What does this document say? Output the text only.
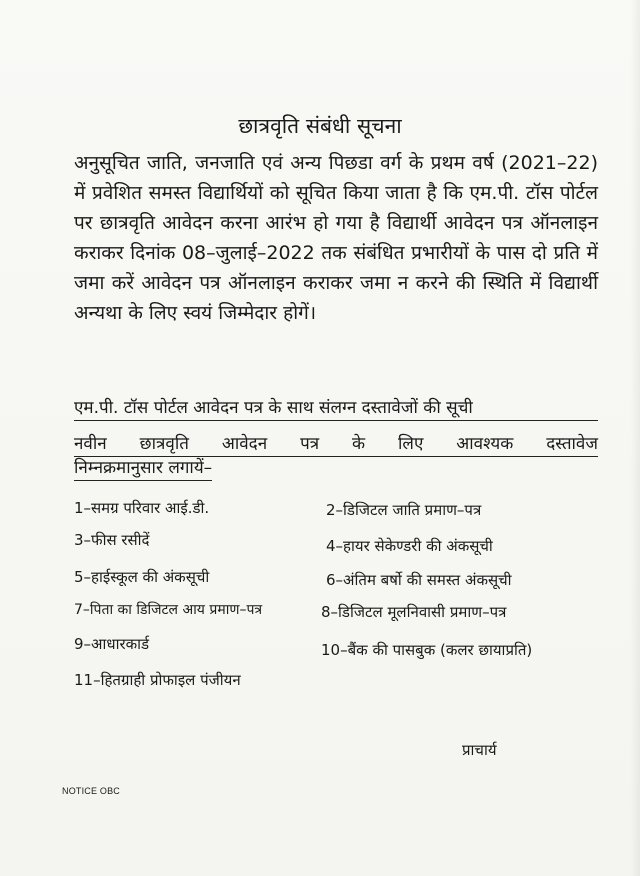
छात्रवृति संबंधी सूचना
अनुसूचित जाति, जनजाति एवं अन्य पिछडा वर्ग के प्रथम वर्ष (2021–22) में प्रवेशित समस्त विद्यार्थियों को सूचित किया जाता है कि एम.पी. टॉस पोर्टल पर छात्रवृति आवेदन करना आरंभ हो गया है विद्यार्थी आवेदन पत्र ऑनलाइन कराकर दिनांक 08–जुलाई–2022 तक संबंधित प्रभारीयों के पास दो प्रति में जमा करें आवेदन पत्र ऑनलाइन कराकर जमा न करने की स्थिति में विद्यार्थी अन्यथा के लिए स्वयं जिम्मेदार होगें।
एम.पी. टॉस पोर्टल आवेदन पत्र के साथ संलग्न दस्तावेजों की सूची
नवीन छात्रवृति आवेदन पत्र के लिए आवश्यक दस्तावेज
निम्नक्रमानुसार लगायें–
1–समग्र परिवार आई.डी.	2–डिजिटल जाति प्रमाण–पत्र
3–फीस रसीदें	4–हायर सेकेण्डरी की अंकसूची
5–हाईस्कूल की अंकसूची	6–अंतिम बर्षो की समस्त अंकसूची
7–पिता का डिजिटल आय प्रमाण–पत्र	8–डिजिटल मूलनिवासी प्रमाण–पत्र
9–आधारकार्ड	10–बैंक की पासबुक (कलर छायाप्रति)
11–हितग्राही प्रोफाइल पंजीयन
प्राचार्य
NOTICE OBC
